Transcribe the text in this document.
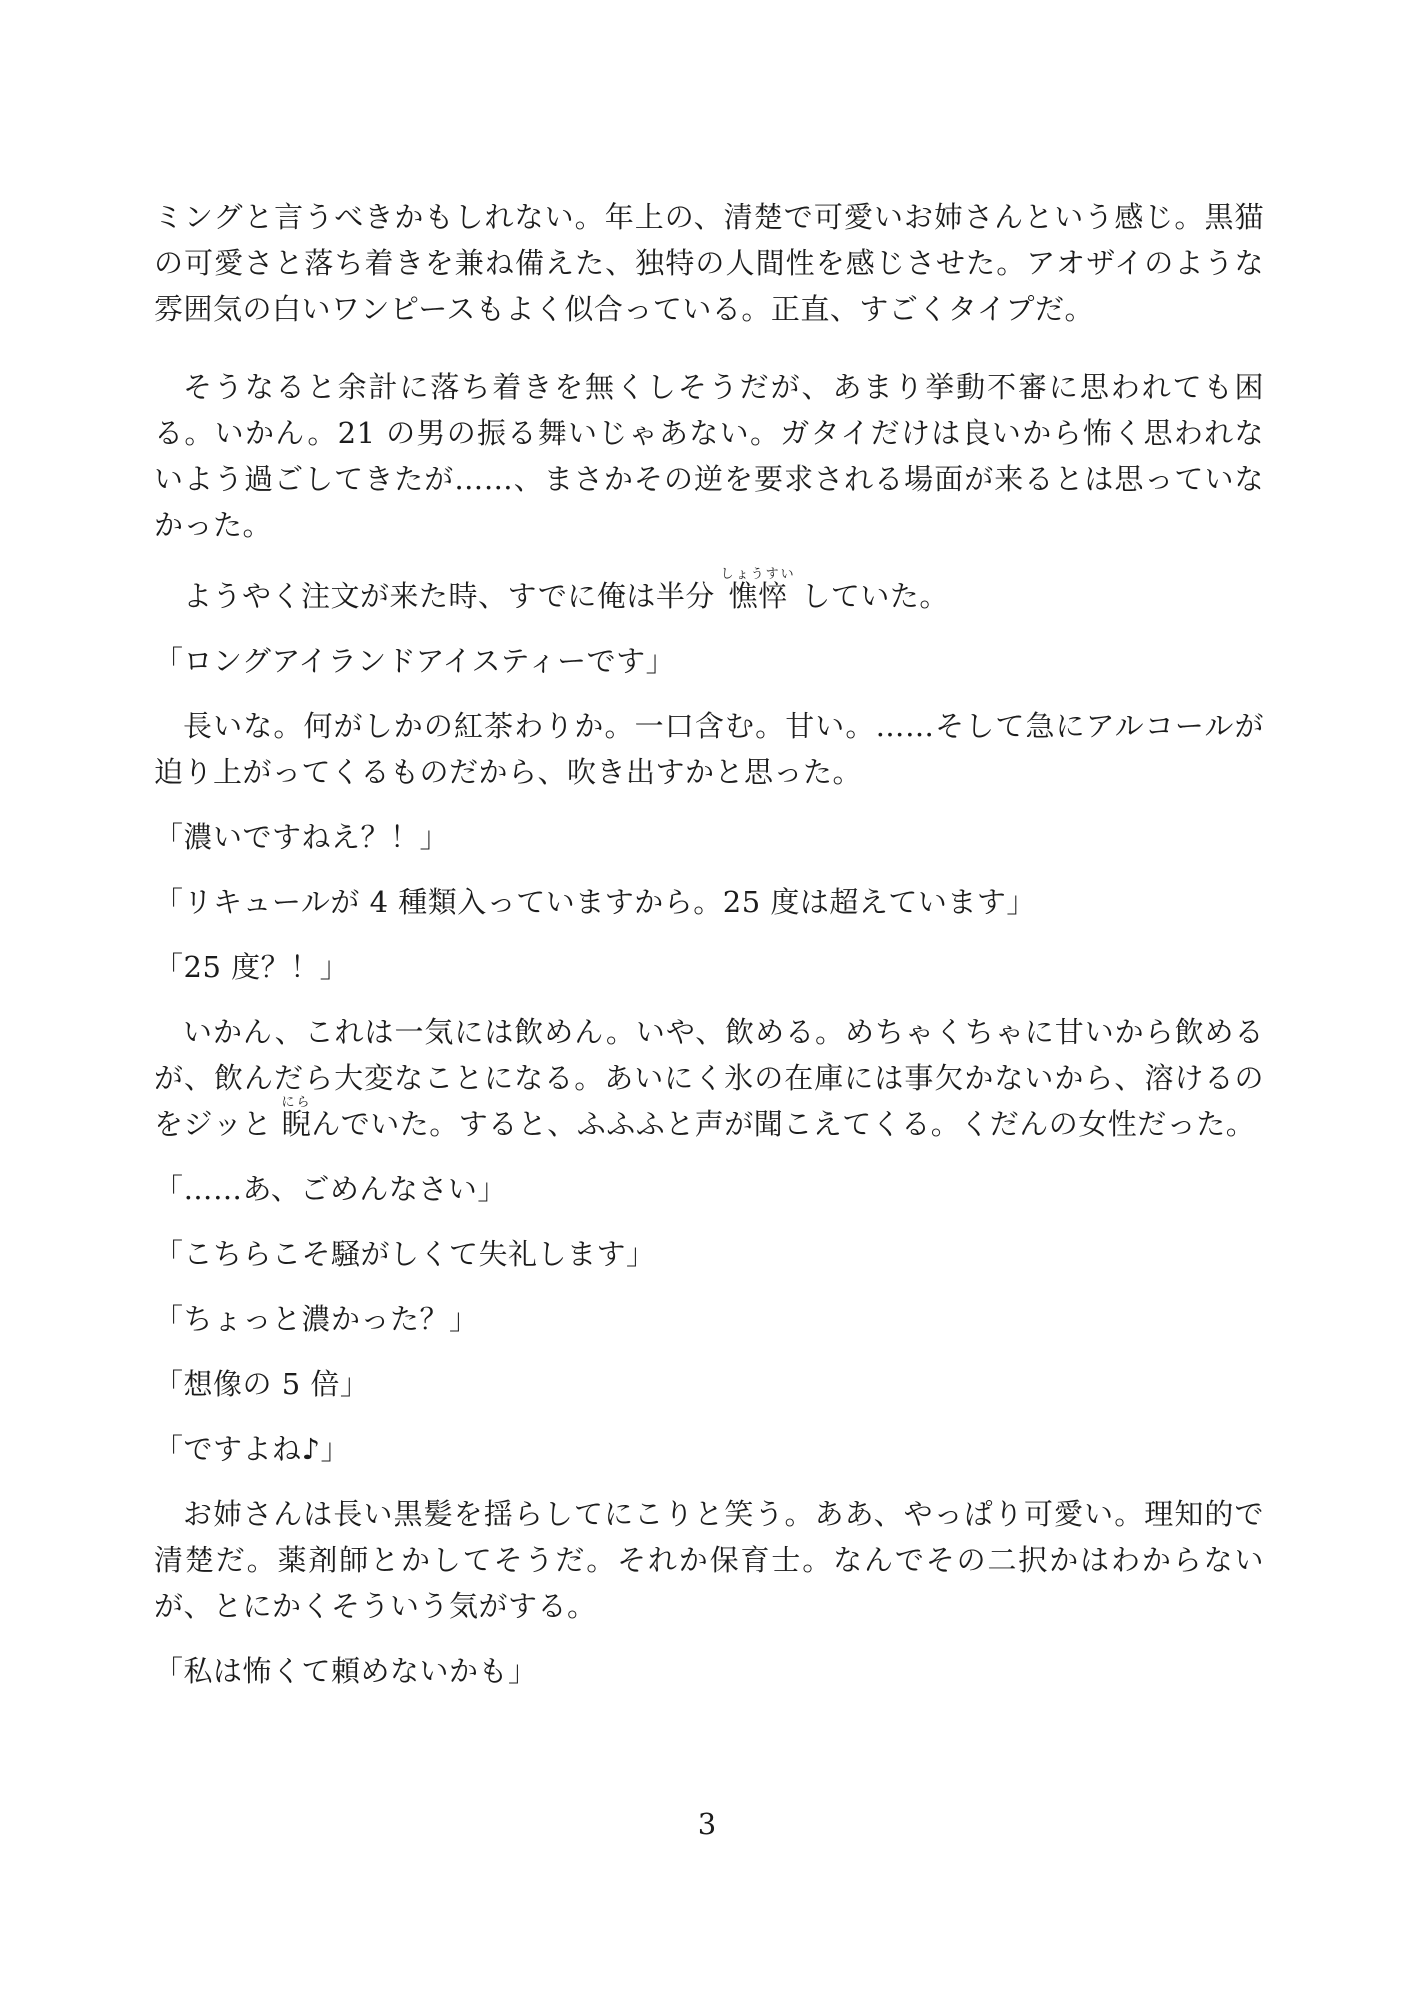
ミングと言うべきかもしれない。年上の、清楚で可愛いお姉さんという感じ。黒猫の可愛さと落ち着きを兼ね備えた、独特の人間性を感じさせた。アオザイのような雰囲気の白いワンピースもよく似合っている。正直、すごくタイプだ。

そうなると余計に落ち着きを無くしそうだが、あまり挙動不審に思われても困る。いかん。21 の男の振る舞いじゃあない。ガタイだけは良いから怖く思われないよう過ごしてきたが……、まさかその逆を要求される場面が来るとは思っていなかった。

ようやく注文が来た時、すでに俺は半分 憔悴しょうすい していた。

「ロングアイランドアイスティーです」

長いな。何がしかの紅茶わりか。一口含む。甘い。……そして急にアルコールが迫り上がってくるものだから、吹き出すかと思った。

「濃いですねえ？！」

「リキュールが 4 種類入っていますから。25 度は超えています」

「25 度？！」

いかん、これは一気には飲めん。いや、飲める。めちゃくちゃに甘いから飲めるが、飲んだら大変なことになる。あいにく氷の在庫には事欠かないから、溶けるのをジッと 睨にらんでいた。すると、ふふふと声が聞こえてくる。くだんの女性だった。

「……あ、ごめんなさい」

「こちらこそ騒がしくて失礼します」

「ちょっと濃かった？」

「想像の 5 倍」

「ですよね♪」

お姉さんは長い黒髪を揺らしてにこりと笑う。ああ、やっぱり可愛い。理知的で清楚だ。薬剤師とかしてそうだ。それか保育士。なんでその二択かはわからないが、とにかくそういう気がする。

「私は怖くて頼めないかも」

3
